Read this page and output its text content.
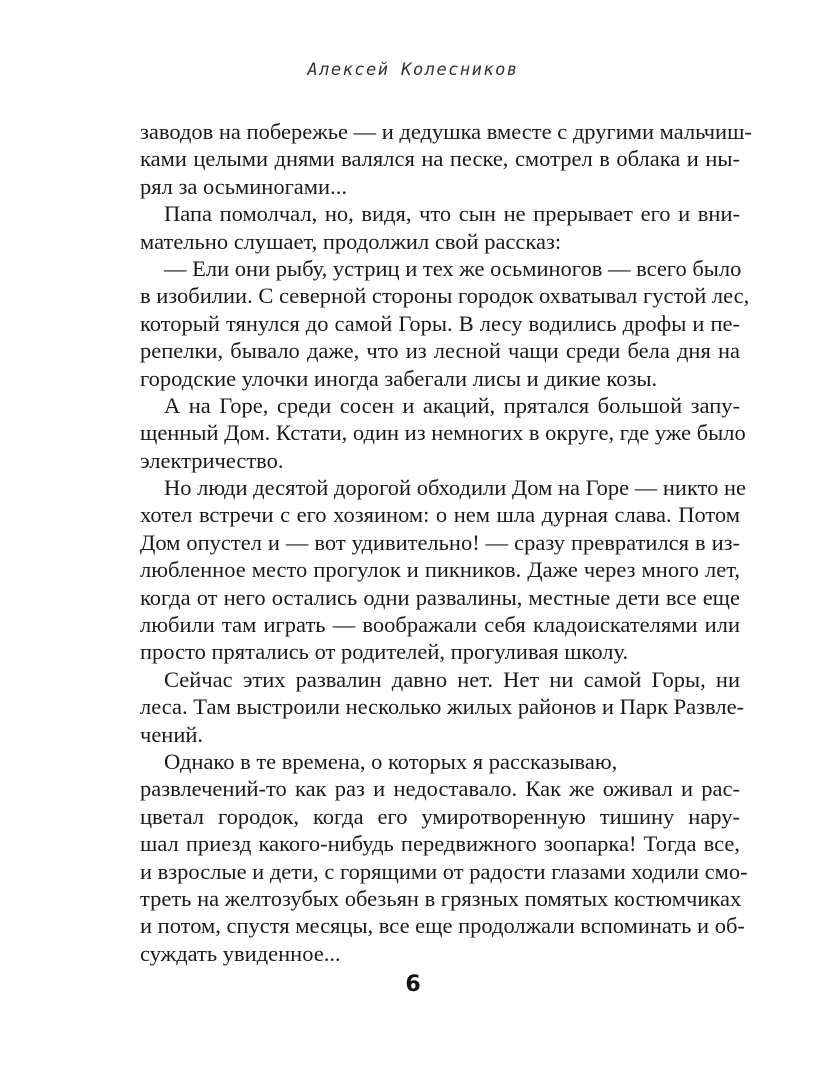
Алексей Колесников
заводов на побережье — и дедушка вместе с другими мальчиш-
ками целыми днями валялся на песке, смотрел в облака и ны-
рял за осьминогами...
Папа помолчал, но, видя, что сын не прерывает его и вни-
мательно слушает, продолжил свой рассказ:
— Ели они рыбу, устриц и тех же осьминогов — всего было
в изобилии. С северной стороны городок охватывал густой лес,
который тянулся до самой Горы. В лесу водились дрофы и пе-
репелки, бывало даже, что из лесной чащи среди бела дня на
городские улочки иногда забегали лисы и дикие козы.
А на Горе, среди сосен и акаций, прятался большой запу-
щенный Дом. Кстати, один из немногих в округе, где уже было
электричество.
Но люди десятой дорогой обходили Дом на Горе — никто не
хотел встречи с его хозяином: о нем шла дурная слава. Потом
Дом опустел и — вот удивительно! — сразу превратился в из-
любленное место прогулок и пикников. Даже через много лет,
когда от него остались одни развалины, местные дети все еще
любили там играть — воображали себя кладоискателями или
просто прятались от родителей, прогуливая школу.
Сейчас этих развалин давно нет. Нет ни самой Горы, ни
леса. Там выстроили несколько жилых районов и Парк Развле-
чений.
Однако в те времена, о которых я рассказываю,
развлечений-то как раз и недоставало. Как же оживал и рас-
цветал городок, когда его умиротворенную тишину нару-
шал приезд какого-нибудь передвижного зоопарка! Тогда все,
и взрослые и дети, с горящими от радости глазами ходили смо-
треть на желтозубых обезьян в грязных помятых костюмчиках
и потом, спустя месяцы, все еще продолжали вспоминать и об-
суждать увиденное...
6
